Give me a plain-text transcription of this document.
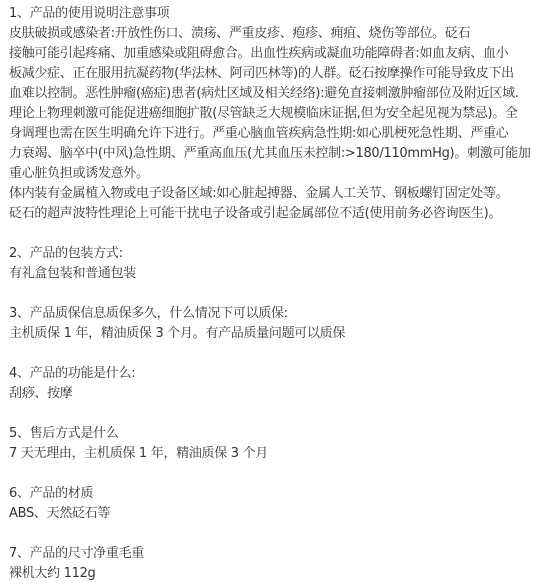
1、产品的使用说明注意事项
皮肤破损或感染者:开放性伤口、溃疡、严重皮疹、疱疹、痈疽、烧伤等部位。砭石
接触可能引起疼痛、加重感染或阻碍愈合。出血性疾病或凝血功能障碍者:如血友病、血小
板减少症、正在服用抗凝药物(华法林、阿司匹林等)的人群。砭石按摩操作可能导致皮下出
血难以控制。恶性肿瘤(癌症)患者(病灶区域及相关经络):避免直接刺激肿瘤部位及附近区域.
理论上物理刺激可能促进癌细胞扩散(尽管缺乏大规模临床证据,但为安全起见视为禁忌)。全
身调理也需在医生明确允许下进行。严重心脑血管疾病急性期:如心肌梗死急性期、严重心
力衰竭、脑卒中(中风)急性期、严重高血压(尤其血压未控制:>180/110mmHg)。刺激可能加
重心脏负担或诱发意外。
体内装有金属植入物或电子设备区域:如心脏起搏器、金属人工关节、钢板螺钉固定处等。
砭石的超声波特性理论上可能干扰电子设备或引起金属部位不适(使用前务必咨询医生)。
2、产品的包装方式:
有礼盒包装和普通包装
3、产品质保信息质保多久，什么情况下可以质保:
主机质保 1 年，精油质保 3 个月。有产品质量问题可以质保
4、产品的功能是什么:
刮痧、按摩
5、售后方式是什么
7 天无理由，主机质保 1 年，精油质保 3 个月
6、产品的材质
ABS、天然砭石等
7、产品的尺寸净重毛重
裸机大约 112g
